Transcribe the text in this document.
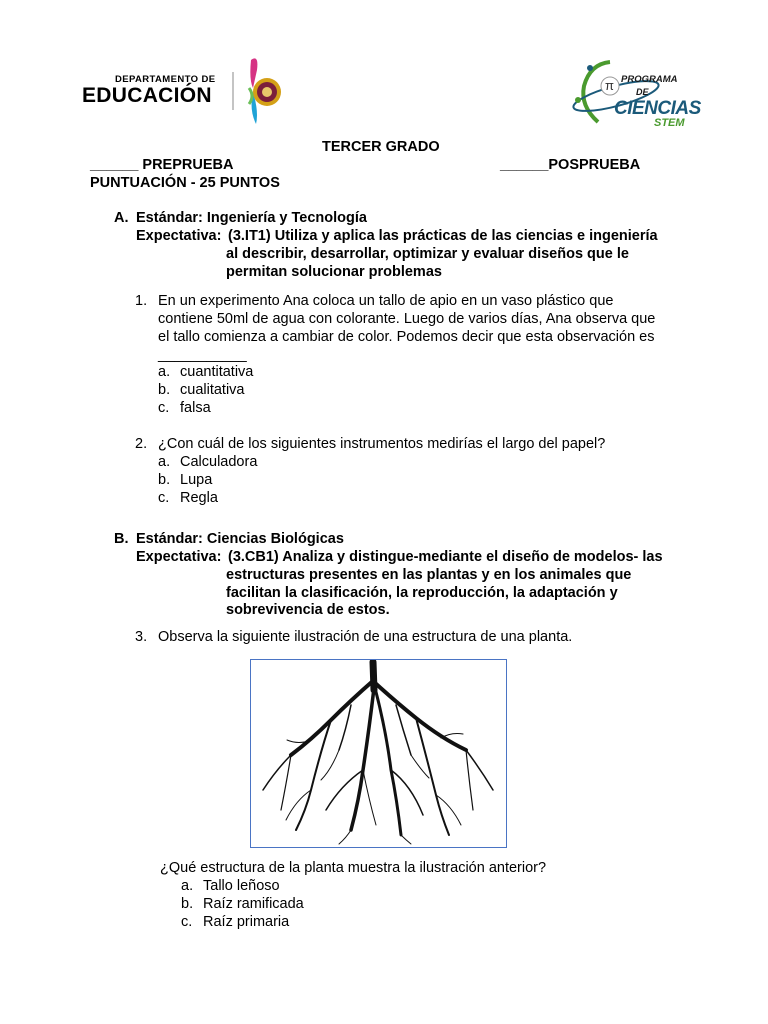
DEPARTAMENTO DE
EDUCACIÓN	π PROGRAMA
DE
CIENCIAS
STEM
TERCER GRADO
______ PREPRUEBA	______POSPRUEBA
PUNTUACIÓN - 25 PUNTOS
A. Estándar: Ingeniería y Tecnología
Expectativa: (3.IT1) Utiliza y aplica las prácticas de las ciencias e ingeniería
al describir, desarrollar, optimizar y evaluar diseños que le
permitan solucionar problemas
1. En un experimento Ana coloca un tallo de apio en un vaso plástico que
contiene 50ml de agua con colorante. Luego de varios días, Ana observa que
el tallo comienza a cambiar de color. Podemos decir que esta observación es
___________
a. cuantitativa
b. cualitativa
c. falsa
2. ¿Con cuál de los siguientes instrumentos medirías el largo del papel?
a. Calculadora
b. Lupa
c. Regla
B. Estándar: Ciencias Biológicas
Expectativa: (3.CB1) Analiza y distingue-mediante el diseño de modelos- las
estructuras presentes en las plantas y en los animales que
facilitan la clasificación, la reproducción, la adaptación y
sobrevivencia de estos.
3. Observa la siguiente ilustración de una estructura de una planta.
¿Qué estructura de la planta muestra la ilustración anterior?
a. Tallo leñoso
b. Raíz ramificada
c. Raíz primaria
